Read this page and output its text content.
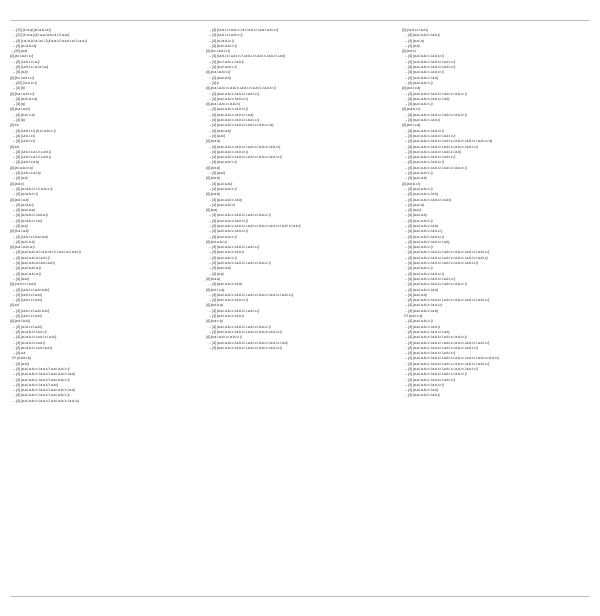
→ [12] (t.l.a.a) (a.l.a.b.i.a.l)
→ [12] (t.l.a.a.l) (t.l.a.a.l.a.b.i.a.l.l.l.a.a.l)
→ [4] (t.a.l.a.b.l.a.l.a.l.l.l) (t.a.a.l.l.l.a.a.b.i.a.l.l.l.a.a.l)
→ [4] (a.l.a.b.i.a)
→ [10] (a.b)
[4] (a.l.l.a.b.i.c.l)
→ [5] (l.a.b.i.c.l.a.l)
→ [5] (l.a.b.i.c.l.a.l.a.l.a.l)
→ [5] (a.b)
[4] (b.c.l.a.b.i.c.l)
→ [42] (l.a.b.i.c.l)
→ [4] (b)
[4] (b.a.l.a.b.i.c.l)
→ [4] (a.b.l.a.c.b)
→ [4] (a)
[4] (b.a.l.a.b.l)
→ [4] (b.a.l.c.a)
→ [4] (b)
[4] b.c
→ [4] (l.a.b.i.c.l) (b.c.l.a.b.i.c.l)
→ [4] (l.a.b.i.c.l)
→ [4] (l.a.b.i.c.l)
[4] a.b
→ [4] (l.a.b.i.c.a.l.l.i.c.a.b.l)
→ [4] (l.a.b.i.c.a.l.l.i.c.a.b.l)
→ [4] (l.a.b.i.c.a.b)
[4] (b.i.a.b.i.c.a)
→ [4] (l.a.b.i.c.a.l.b)
→ [4] (a.b)
[4] (a.b.c)
→ [4] (a.l.a.b.i.c.l.l.l.a.b.i.c.l)
→ [4] (a.l.a.b.i.c.l)
[4] (a.b.l.a.b)
→ [4] (a.l.a.b.i)
→ [4] (a.b.i.a.a)
→ [4] (a.l.a.b.i.c.l.a.b.a.l)
→ [4] (a.l.a.b.i.c.l.a.l)
→ [4] (a.b)
[4] (b.a.l.a.b)
→ [4] (l.a.b.i.c.l.b.a.l.a.b)
→ [4] (a.b.l.a.b)
[4] (a.a.l.a.b.i.a.l)
→ [4] (a.a.l.a.b.i.a.l.l.a.b.i.a.l.l.l.l.a.b.i.a.l.l.a.b.l.l)
→ [4] (a.a.l.a.b.i.a.l.a.b.l.l)
→ [4] (a.a.l.a.b.i.a.l.a.b.l.a.b.l)
→ [4] (a.a.l.a.b.i.a.l)
→ [4] (a.a.l.a.b.i.a.l)
→ [4] (a.a.l)
[4] (l.a.b.i.c.l.a.b.i)
→ [4] (l.a.b.i.c.l.a.b.i.a.b.l)
→ [4] (l.a.b.i.c.l.a.b.i)
→ [4] (l.a.b.i.c.l.a.b.i)
[4] a.b
→ [4] (l.a.b.i.c.l.a.b.i.a.b.l)
→ [4] (l.a.b.i.c.l.a.b.i)
[4] (a.b.i.b.b.l)
→ [4] (a.l.b.i.c.l.a.b.i)
→ [4] (a.l.a.b.i.c.l.a.b.i.l)
→ [4] (a.l.a.b.i.c.l.a.b.i.c.l.a.b.i)
→ [4] (a.l.a.b.i.c.l.a.b.i)
→ [4] (a.l.a.b.i.c.l.a.b.i.a.b.i)
→ [4] a.a
F2 (a.b.b.i.b)
→ [4] (a.a.l)
→ [4] (a.a.l.a.b.i.c.l.a.a.l.l.l.a.a.l.a.b.i.c.l)
→ [4] (a.a.l.a.b.i.c.l.a.a.l.l.l.a.a.l.a.b.i.c.l.a.b)
→ [4] (a.a.l.a.b.i.c.l.a.a.l.l.l.a.a.l.a.b.i.c.l)
→ [4] (a.a.l.a.b.i.c.l.a.a.l.l.l.a.a.l)
→ [4] (a.a.l.a.b.i.c.l.a.a.l.l.l.a.a.l.a.b.i.c.l.a.b)
→ [4] (a.a.l.a.b.i.c.l.a.a.l.l.l.a.a.l.a.b.i.c.l)
→ [4] (a.a.l.a.b.i.c.l.a.a.l.l.l.a.a.l.a.b.i.c.l.a.b.i.c)
→ [4] (l.a.b.i.c.l.a.b.i.c.l.a.l.l.a.b.i.c.l.a.a.l.a.b.i.c.l)
→ [4] (l.a.b.i.c.l.a.b.i.c.l)
→ [4] (a.l.a.b.i.c.l)
→ [4] (b.a.l.a.b.i.c.l)
[4] (b.c.l.a.b.i.c.l)
→ [4] (l.a.b.i.c.l.a.b.i.c.l.l.l.a.b.i.c.l.a.b.i.c.l.a.b.i.c.l.a.b)
→ [4] (b.c.l.a.b.i.c.l.a.b.l)
→ [4] (b.a.l.a.b.i.c.l)
[4] (a.a.l.a.b.i.c.l)
→ [4] (a.a.l.a.b)
→ [4] a
[4] (a.a.l.a.b.i.c.l.a.b.i.c.l.a.b.i.c.l.a.b.i.c.l.a.b.i.c.l)
→ [4] (a.a.l.a.b.i.c.l.a.b.i.c.l.a.b.i.c.l)
→ [4] (a.a.l.a.b.i.c.l.a.b.i.c.l)
[4] (a.a.l.a.b.i.c.l.a.b.i.c)
→ [4] (a.a.l.a.b.i.c.l.a.b.i.c.l)
→ [4] (a.a.l.a.b.i.c.l.a.b.i.c.l.a.b)
→ [4] (a.a.l.a.b.i.c.l.a.b.i.c.l.a.b.i.c.l)
→ [4] (a.a.l.a.b.i.c.l.a.b.i.c.l.a.b.i.c.l.a.b.i.c.l.a)
→ [4] (a.a.l.a.b)
→ [4] (a.a.l)
[4] (a.a.b)
→ [4] (a.a.l.a.b.i.c.l.a.b.i.c.l.a.b.i.c.l.a.b.i.c.l.a.b.i.c)
→ [4] (a.a.l.a.b.i.c.l.a.b.i.c.l)
→ [4] (a.a.l.a.b.i.c.l.a.b.i.c.l.a.b.i.c.l.a.b.i.c.l.a.b.i.c.l)
→ [4] (a.a.l.a.b.i.c.l)
[4] (a.b.b)
→ [4] (a.a.l)
[4] (a.b.b)
→ [4] (a.a.l.a.b.i)
→ [4] (a.a.l.a.b.i.c.l)
[4] (a.a.b)
→ [4] (a.a.l.a.b.i.c.l.a.b)
→ [4] (a.a.l.a.b.i.c)
[4] (a.a)
→ [4] (a.a.l.a.b.i.c.l.a.b.i.c.l.a.b.i.c.l.a.b.i.c.l)
→ [4] (a.a.l.a.b.i.c.l.a.b.i.c.l)
→ [4] (a.a.l.a.b.i.c.l.a.b.i.c.l.a.b.i.c.l.a.b.i.c.l.a.b.i.c.l.a.b.i.c.l.a.b.i)
→ [4] (a.a.l.a.b.i.c.l.a.b.i.c.l)
→ [4] (a.a.l.a.b.i.c.l)
[4] (a.b.a.b.i.c)
→ [4] (a.a.l.a.b.i.c.l.a.b.i.c.l.a.b.i.c.l)
→ [4] (a.a.l.a.b.i.c.l.a.b.i)
→ [4] (a.a.l.a.b.i.c.l)
→ [4] (a.a.l.a.b.i.c.l.a.b.i.c.l.a.b.i.c.l.a.b.i.c.l)
→ [4] (a.a.l.a.b)
→ [4] (a.a)
[4] (a.a.b)
→ [4] (a.a.l.a.b.i.c.l.a.b)
[4] (a.b.i.c.a)
→ [4] (a.a.l.a.b.i.c.l.a.b.i.c.l.a.b.i.c.l.a.b.i.c.l.a.b.i.c.l.a.b.i.c.l)
→ [4] (a.a.l.a.b.i.c.l.a.b.i.c.l)
[4] (a.b.b.a)
→ [4] (a.a.l.a.b.i.c.l.a.b.i.c.l.a.b.i.c.l)
→ [4] (a.a.l.a.b.i.c.l.a.b.i)
[4] (a.a.c.b)
→ [4] (a.a.l.a.b.i.c.l.a.b.i.c.l.a.b.i.c.l.a.b.i.c.l)
→ [4] (a.a.l.a.b.i.c.l.a.b.i.c.l.a.b.i.c.l.a.b.i.c.l.a.b.i.c.l)
[4] (a.a.l.a.b.i.c.l.a.b.i.c.l)
→ [4] (a.a.l.a.b.i.c.l.a.b.i.c.l.a.b.i.c.l.a.b.i.c.l.a.b.i.c.l.a.b)
→ [4] (a.a.l.a.b.i.c.l.a.b.i.c.l.a.b.i.c.l.a.b.i.c.l.a.b.i.c.l)
[4] (l.a.b.i.c.l.a.b.i)
→ [4] (a.a.l.a.b.i.c.l.a.b.i)
→ [4] (a.a.l.a)
→ [4] (a.b)
[4] (a.b.c)
→ [4] (a.a.l.a.b.i.c.l.a.b.i.c.l)
→ [4] (a.a.l.a.b.i.c.l.a.b.i.c.l.a.b.i.c.l)
→ [4] (a.a.l.a.b.i.c.l.a.b.i.c.l.a.b.i.c.l)
→ [4] (a.a.l.a.b.i.c.l.a.b.i.c.l)
→ [4] (a.a.l.a.b.i.c.l.a.b)
→ [4] (a.a.l.a.b.i.c.l)
[4] (a.b.i.c.a)
→ [4] (a.a.l.a.b.i.c.l.a.b.i.c.l.a.b.i.c.l.a.b.i.c.l)
→ [4] (a.a.l.a.b.i.c.l.a.b.i.c.l.a.b)
→ [4] (a.a.l.a.b.i.c.l)
[4] (a.a.b.i.c)
→ [4] (a.a.l.a.b.i.c.l.a.b.i.c.l.a.b.i.c.l.a.b.i.c.l)
→ [4] (a.a.l.a.b.i.c.l.a.b.i)
[4] (a.b.i.c.a)
→ [4] (a.a.l.a.b.i.c.l.a.b.i.c.l)
→ [4] (a.a.l.a.b.i.c.l.a.b.i.c.l.a.b.i.c.l)
→ [4] (a.a.l.a.b.i.c.l.a.b.i.c.l.a.b.i.c.l.a.b.i.c.l.a.b.i.c.l.a.b.i.c.l.a)
→ [4] (a.a.l.a.b.i.c.l.a.b.i.c.l.a.b.i.c.l.a.b.i.c.l.a.b.i.c.l)
→ [4] (a.a.l.a.b.i.c.l.a.b.i.c.l.a.b.i.c.l.a.b)
→ [4] (a.a.l.a.b.i.c.l.a.b.i.c.l.a.b.i.c.l)
→ [4] (a.a.l.a.b.i.c.l.a.b.i.c.l)
→ [4] (a.a.l.a.b.i.c.l.a.b.i.c.l.a.b.i.c.l.a.b.i.c.l)
→ [4] (a.a.l.a.b.i.c.l)
→ [4] (a.a.l.a.b)
[4] (a.b.b.i.c)
→ [4] (a.a.l.a.b.i.c.l)
→ [4] (a.a.l.a.b.i.c.l.a.b)
→ [4] (a.a.l.a.b.i.c.l.a.b.i.c.l.a.b.i)
→ [4] (a.a.l.a)
→ [4] (a.a.l)
→ [4] (a.a.l.a.b)
→ [4] (a.a.l.a.b.i.c.l)
→ [4] (a.a.l.a.b.i.c.l.a.b)
→ [4] (a.a.l.a.b.i.c.l.a.b.i.c)
→ [4] (a.a.l.a.b.i.c.l.a.b.i.c.l)
→ [4] (a.a.l.a.b.i.c.l.a.b.i.c.l.a.b)
→ [4] (a.a.l.a.b.i.c.l)
→ [4] (a.a.l.a.b.i.c.l.a.b.i.c.l.a.b.i.c.l.a.b.i.c.l.a.b.i.c.l.a.b.i.c.l)
→ [4] (a.a.l.a.b.i.c.l.a.b.i.c.l.a.b.i.c.l.a.b.i.c.l.a.b.i.c.l.a.b.i.c)
→ [4] (a.a.l.a.b.i.c.l.a.b.i.c.l.a.b.i.c.l.a.b.i.c.l.a.b.i.c.l)
→ [4] (a.a.l.a.b.i.c.l)
→ [4] (a.a.l.a.b.i.c.l.a.b.i.c.l)
→ [4] (a.a.l.a.b.i.c.l.a.b.i.c.l.a.b.i.c.l)
→ [4] (a.a.l.a.b.i.c.l.a.b.i.c.l.a.b.i.c.l.a.b.i.c.l)
→ [4] (a.a.l.a.b.i.c.l.a.b)
→ [4] (a.a.l.a.b)
→ [4] (a.a.l.a.b.i.c.l.a.b.i.c.l.a.b.i.c.l.a.b.i.c.l.a.b.i.c.l.a.b.i.c.l)
→ [4] (a.a.l.a.b.i.c.l.a.b.i.c)
→ [4] (a.a.l.a.b.i.c.l.a.b)
F3 (a.b.i.c.a)
→ [4] (a.a.l.a.b.i.c.l)
→ [4] (a.a.l.a.b.i.c.l.a.b.i)
→ [4] (a.a.l.a.b.i.c.l.a.b.i.c.l.a.b)
→ [4] (a.a.l.a.b.i.c.l.a.b.i.c.l.a.b.i.c.l.a.b.i.c.l)
→ [4] (a.a.l.a.b.i.c.l.a.b.i.c.l.a.b.i.c.l.a.b.i.c.l.a.b.i.c.l.a.b.i.c.l)
→ [4] (a.a.l.a.b.i.c.l.a.b.i.c.l.a.b.i.c.l.a.b.i.c.l.a.b.i.c.l)
→ [4] (a.a.l.a.b.i.c.l.a.b.i.c.l.a.b.i.c.l)
→ [4] (a.a.l.a.b.i.c.l.a.b.i.c.l.a.b.i.c.l.a.b.i.c.l.a.b.i.c.l.a.b.i.c.l.a.b.i.c)
→ [4] (a.a.l.a.b.i.c.l.a.b.i.c.l.a.b.i.c.l.a.b.i.c.l.a.b.i.c.l.a.b.i.c.l)
→ [4] (a.a.l.a.b.i.c.l.a.b.i.c.l.a.b.i.c.l.a.b.i.c.l.a.b.i.c.l)
→ [4] (a.a.l.a.b.i.c.l.a.b.i.c.l.a.b.i.c.l.a.b.i.c.l)
→ [4] (a.a.l.a.b.i.c.l.a.b.i.c.l.a.b.i.c.l)
→ [4] (a.a.l.a.b.i.c.l.a.b.i.c.l)
→ [4] (a.a.l.a.b.i.c.l.a.b)
→ [4] (a.a.l.a.b.i.c.l.a.b.i)
